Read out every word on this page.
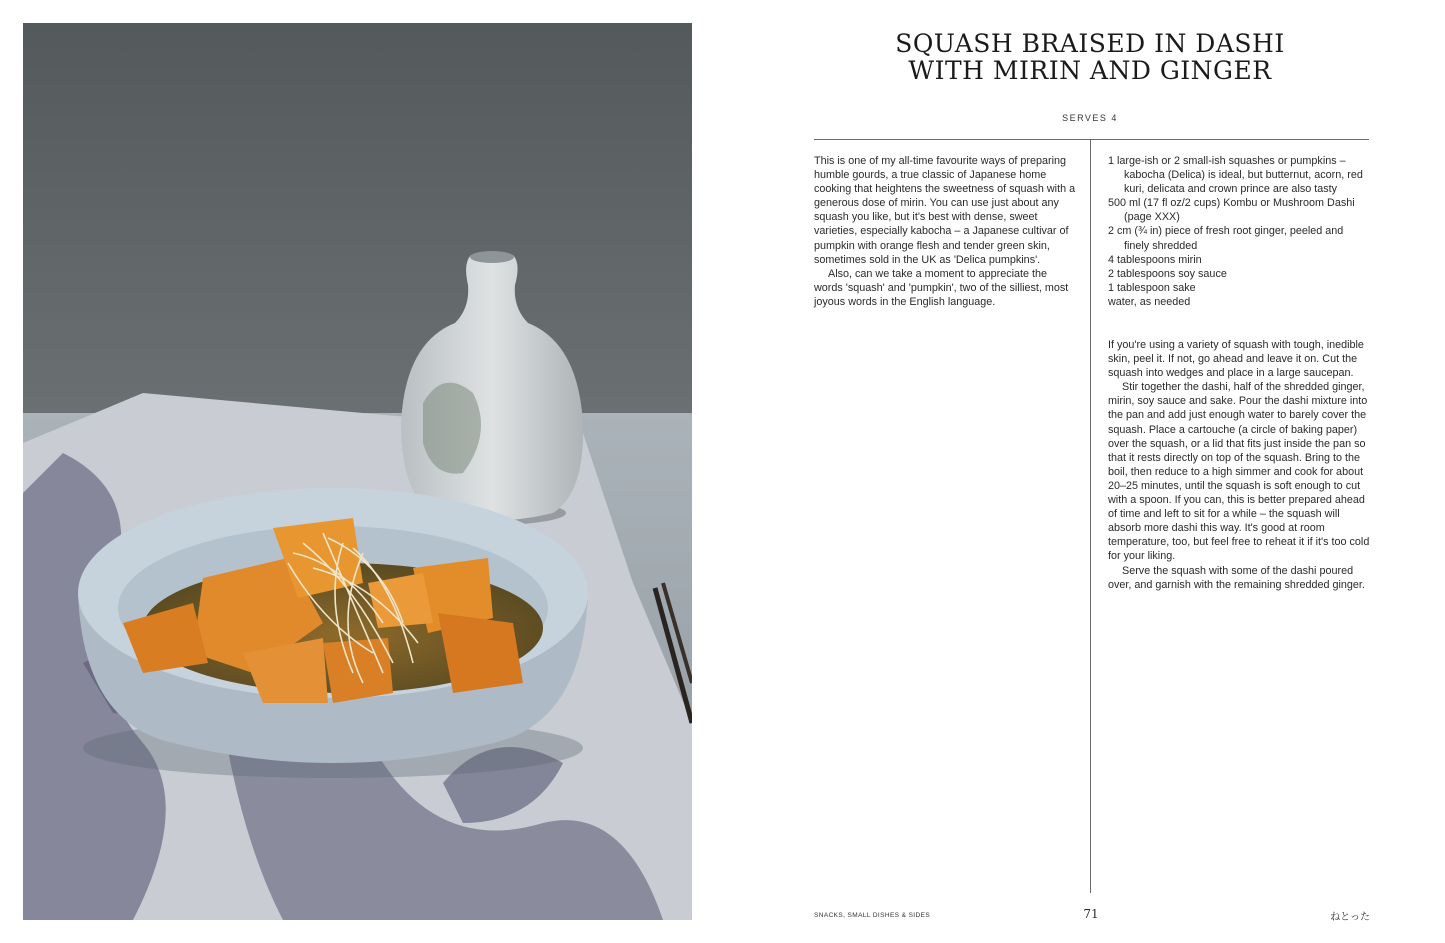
SQUASH BRAISED IN DASHI
WITH MIRIN AND GINGER
SERVES 4

This is one of my all-time favourite ways of preparing humble gourds, a true classic of Japanese home cooking that heightens the sweetness of squash with a generous dose of mirin. You can use just about any squash you like, but it's best with dense, sweet varieties, especially kabocha – a Japanese cultivar of pumpkin with orange flesh and tender green skin, sometimes sold in the UK as 'Delica pumpkins'.

Also, can we take a moment to appreciate the words 'squash' and 'pumpkin', two of the silliest, most joyous words in the English language.

1 large-ish or 2 small-ish squashes or pumpkins – kabocha (Delica) is ideal, but butternut, acorn, red kuri, delicata and crown prince are also tasty
500 ml (17 fl oz/2 cups) Kombu or Mushroom Dashi (page XXX)
2 cm (¾ in) piece of fresh root ginger, peeled and finely shredded
4 tablespoons mirin
2 tablespoons soy sauce
1 tablespoon sake
water, as needed

If you're using a variety of squash with tough, inedible skin, peel it. If not, go ahead and leave it on. Cut the squash into wedges and place in a large saucepan.

Stir together the dashi, half of the shredded ginger, mirin, soy sauce and sake. Pour the dashi mixture into the pan and add just enough water to barely cover the squash. Place a cartouche (a circle of baking paper) over the squash, or a lid that fits just inside the pan so that it rests directly on top of the squash. Bring to the boil, then reduce to a high simmer and cook for about 20–25 minutes, until the squash is soft enough to cut with a spoon. If you can, this is better prepared ahead of time and left to sit for a while – the squash will absorb more dashi this way. It's good at room temperature, too, but feel free to reheat it if it's too cold for your liking.

Serve the squash with some of the dashi poured over, and garnish with the remaining shredded ginger.

SNACKS, SMALL DISHES & SIDES	71	ねとった
